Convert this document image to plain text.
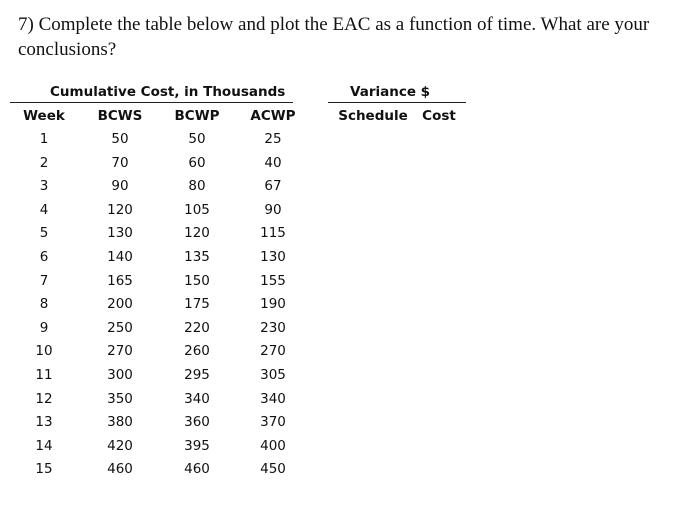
7) Complete the table below and plot the EAC as a function of time. What are your conclusions?

Cumulative Cost, in Thousands	Variance $
Week BCWS BCWP ACWP	Schedule Cost
1	50	50	25
2	70	60	40
3	90	80	67
4	120	105	90
5	130	120	115
6	140	135	130
7	165	150	155
8	200	175	190
9	250	220	230
10	270	260	270
11	300	295	305
12	350	340	340
13	380	360	370
14	420	395	400
15	460	460	450
